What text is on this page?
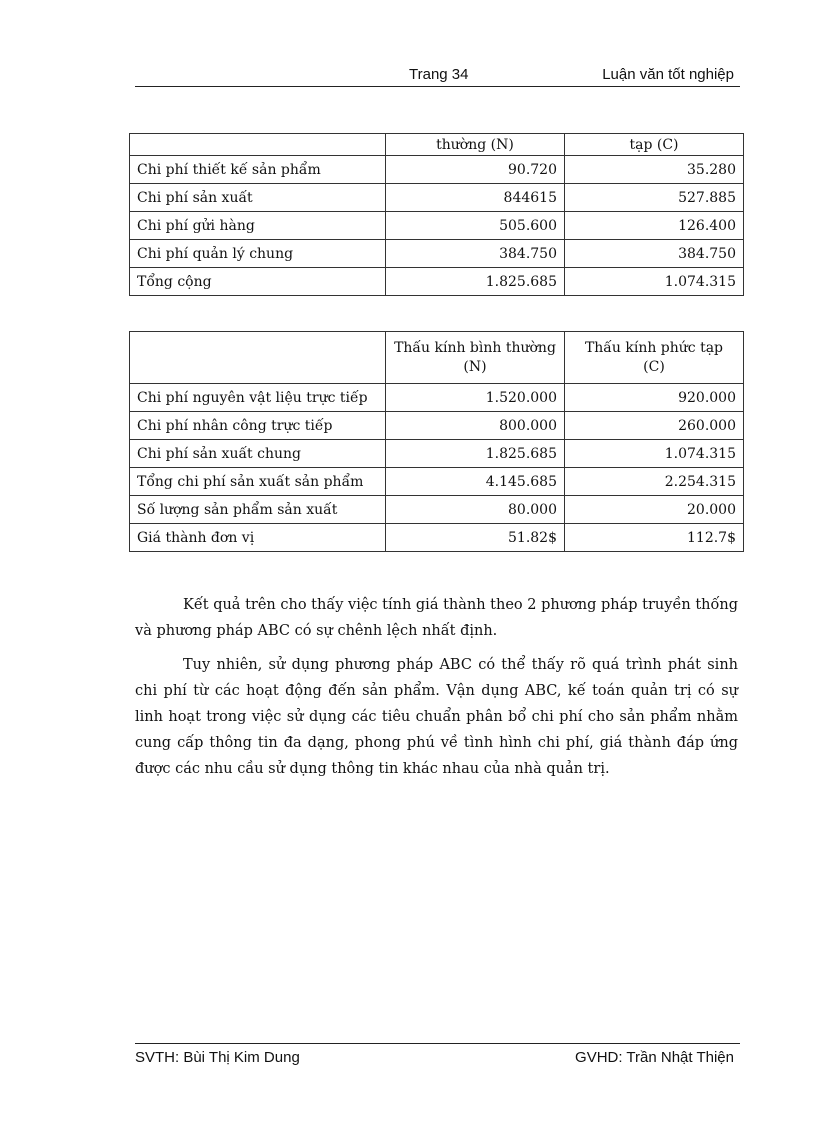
Trang 34	Luận văn tốt nghiệp
	thường (N)	tạp (C)
Chi phí thiết kế sản phẩm	90.720	35.280
Chi phí sản xuất	844615	527.885
Chi phí gửi hàng	505.600	126.400
Chi phí quản lý chung	384.750	384.750
Tổng cộng	1.825.685	1.074.315
	Thấu kính bình thường (N)	Thấu kính phức tạp (C)
Chi phí nguyên vật liệu trực tiếp	1.520.000	920.000
Chi phí nhân công trực tiếp	800.000	260.000
Chi phí sản xuất chung	1.825.685	1.074.315
Tổng chi phí sản xuất sản phẩm	4.145.685	2.254.315
Số lượng sản phẩm sản xuất	80.000	20.000
Giá thành đơn vị	51.82$	112.7$

Kết quả trên cho thấy việc tính giá thành theo 2 phương pháp truyền thống và phương pháp ABC có sự chênh lệch nhất định.

Tuy nhiên, sử dụng phương pháp ABC có thể thấy rõ quá trình phát sinh chi phí từ các hoạt động đến sản phẩm. Vận dụng ABC, kế toán quản trị có sự linh hoạt trong việc sử dụng các tiêu chuẩn phân bổ chi phí cho sản phẩm nhằm cung cấp thông tin đa dạng, phong phú về tình hình chi phí, giá thành đáp ứng được các nhu cầu sử dụng thông tin khác nhau của nhà quản trị.

SVTH: Bùi Thị Kim Dung	GVHD: Trần Nhật Thiện
